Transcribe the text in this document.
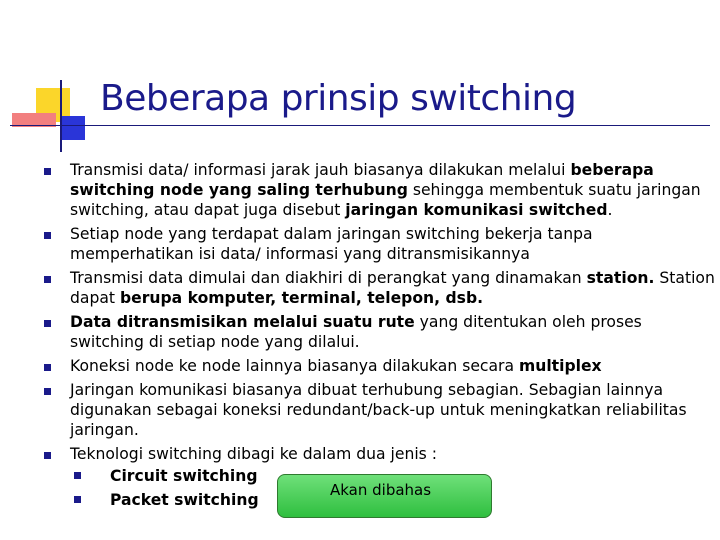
Beberapa prinsip switching
Transmisi data/ informasi jarak jauh biasanya dilakukan melalui beberapa switching node yang saling terhubung sehingga membentuk suatu jaringan switching, atau dapat juga disebut jaringan komunikasi switched.
Setiap node yang terdapat dalam jaringan switching bekerja tanpa memperhatikan isi data/ informasi yang ditransmisikannya
Transmisi data dimulai dan diakhiri di perangkat yang dinamakan station. Station dapat berupa komputer, terminal, telepon, dsb.
Data ditransmisikan melalui suatu rute yang ditentukan oleh proses switching di setiap node yang dilalui.
Koneksi node ke node lainnya biasanya dilakukan secara multiplex
Jaringan komunikasi biasanya dibuat terhubung sebagian. Sebagian lainnya digunakan sebagai koneksi redundant/back-up untuk meningkatkan reliabilitas jaringan.
Teknologi switching dibagi ke dalam dua jenis :
Circuit switching
Packet switching
Akan dibahas
